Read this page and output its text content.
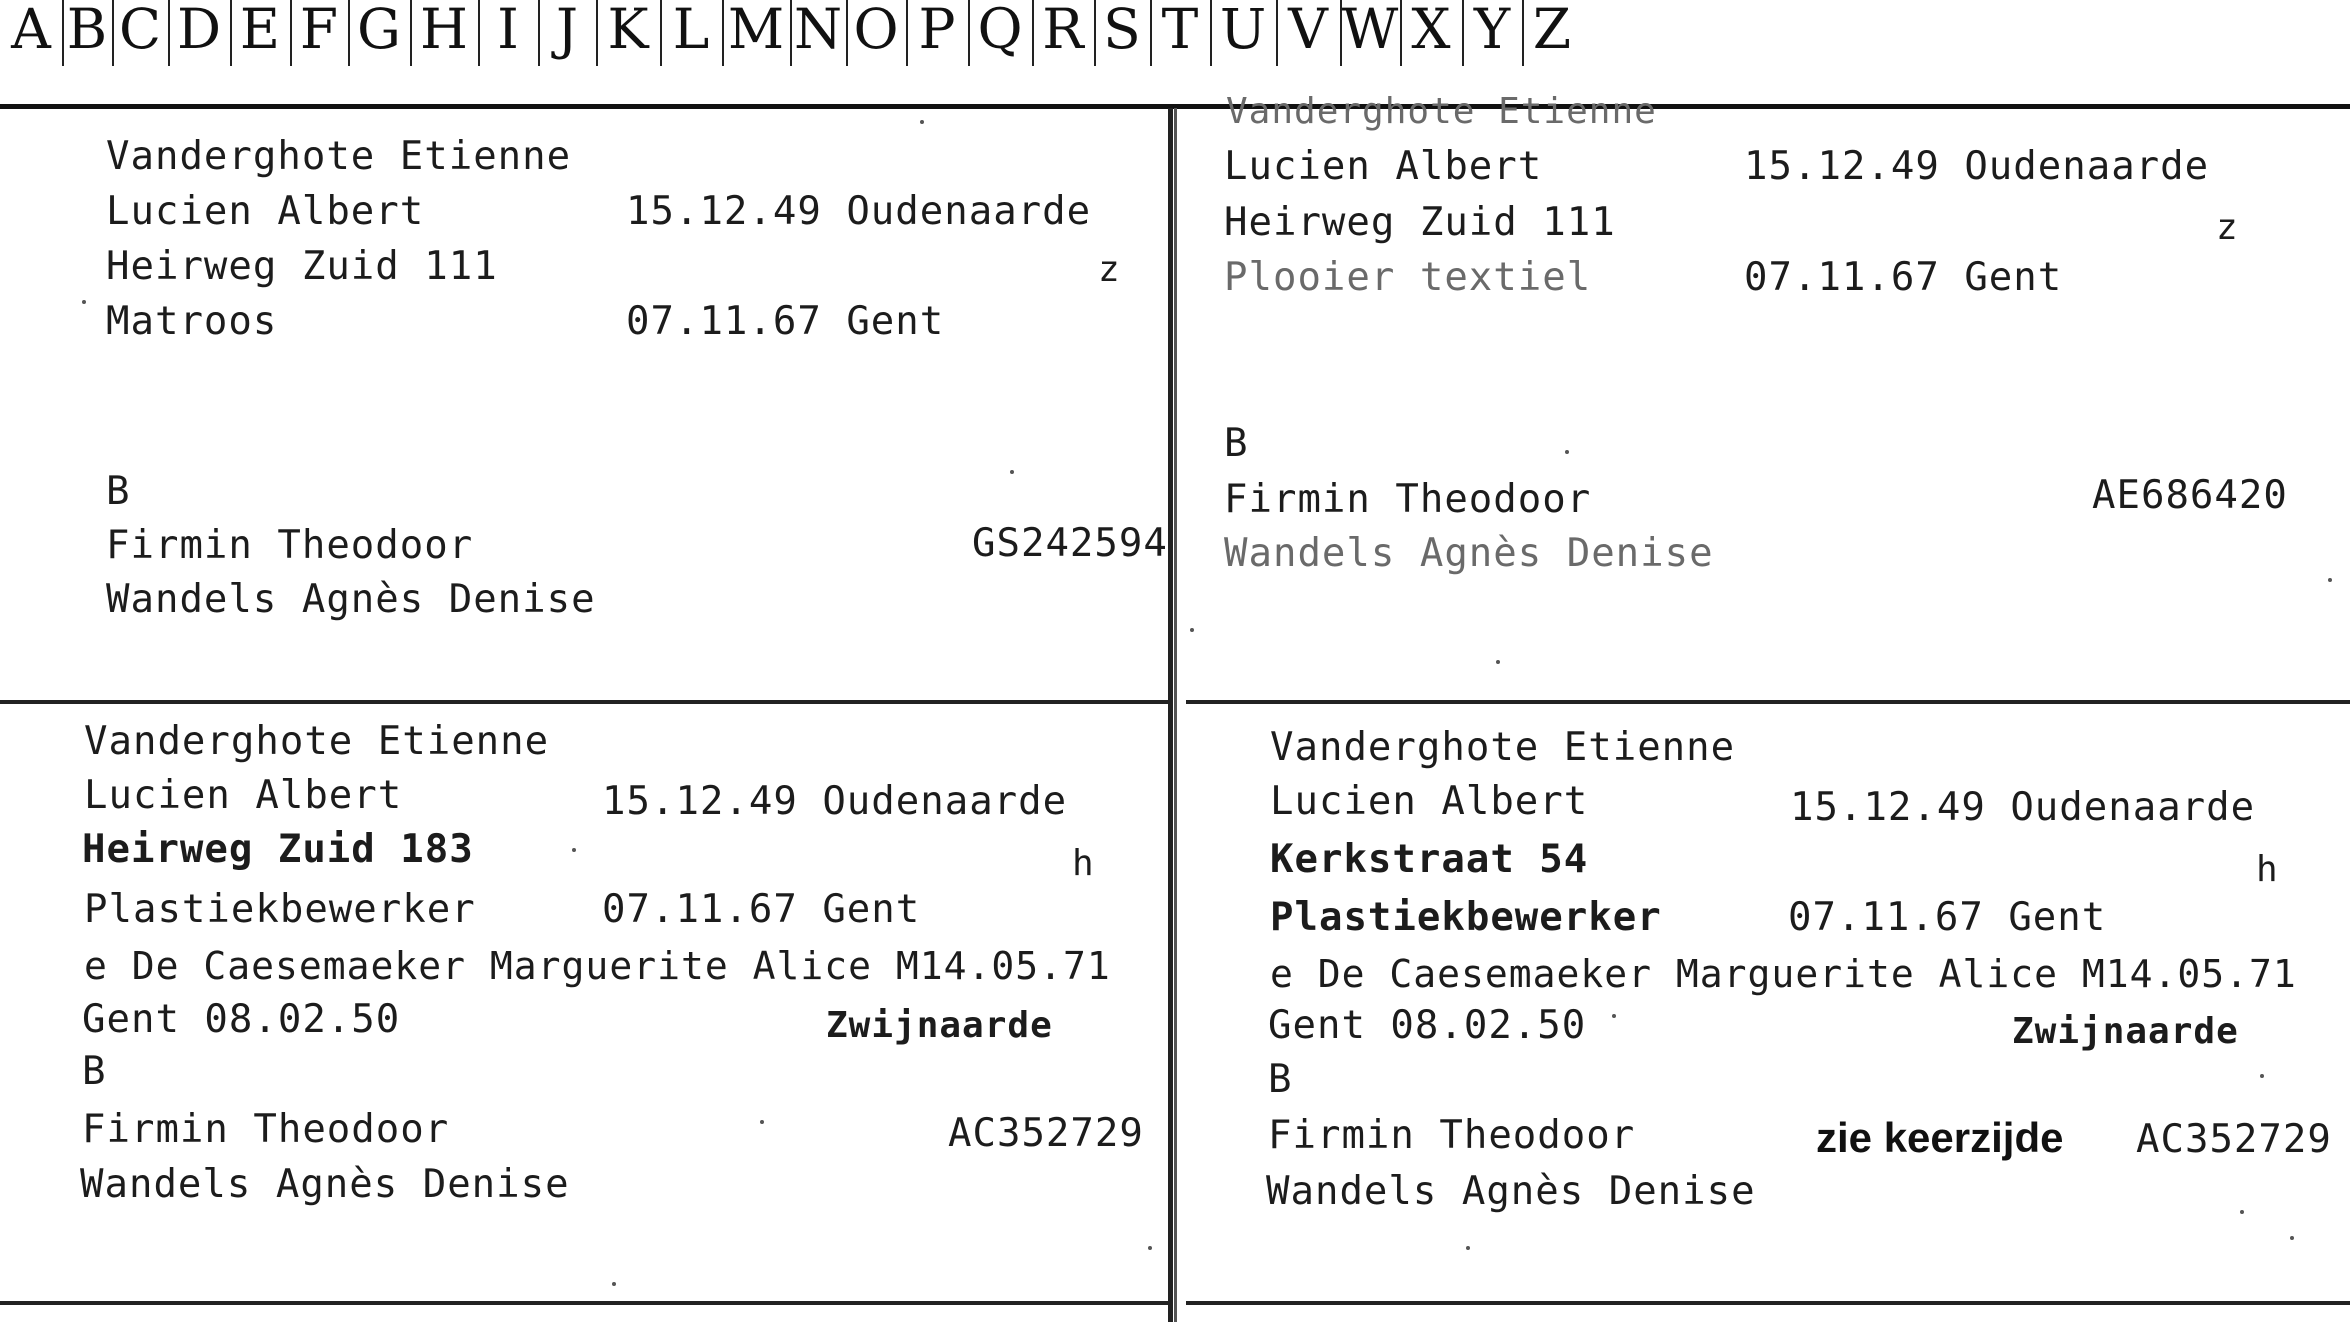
A B C D E F G H I J K L M N O P Q R S T U V W X Y Z
Vanderghote Etienne
Lucien Albert	15.12.49 Oudenaarde
Heirweg Zuid 111	z
Matroos	07.11.67 Gent
B
Firmin Theodoor	GS242594
Wandels Agnès Denise
Vanderghote Etienne
Lucien Albert	15.12.49 Oudenaarde
Heirweg Zuid 111	z
Plooier textiel	07.11.67 Gent
B
Firmin Theodoor	AE686420
Wandels Agnès Denise
Vanderghote Etienne
Lucien Albert	15.12.49 Oudenaarde
Heirweg Zuid 183	h
Plastiekbewerker	07.11.67 Gent
e De Caesemaeker Marguerite Alice M14.05.71
Gent 08.02.50	Zwijnaarde
B
Firmin Theodoor	AC352729
Wandels Agnès Denise
Vanderghote Etienne
Lucien Albert	15.12.49 Oudenaarde
Kerkstraat 54	h
Plastiekbewerker	07.11.67 Gent
e De Caesemaeker Marguerite Alice M14.05.71
Gent 08.02.50	Zwijnaarde
B
Firmin Theodoor	zie keerzijde AC352729
Wandels Agnès Denise
